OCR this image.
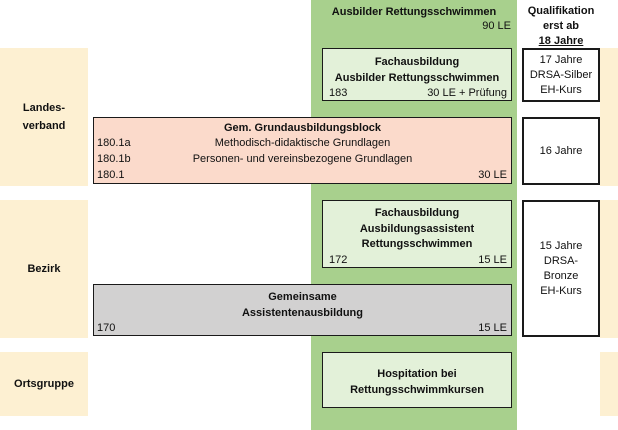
Landes-
verband
Bezirk
Ortsgruppe
Ausbilder Rettungsschwimmen
90 LE
Qualifikation
erst ab
18 Jahre
Fachausbildung
Ausbilder Rettungsschwimmen
183	30 LE + Prüfung
Gem. Grundausbildungsblock
180.1a	Methodisch-didaktische Grundlagen
180.1b	Personen- und vereinsbezogene Grundlagen
180.1	30 LE
Fachausbildung
Ausbildungsassistent
Rettungsschwimmen
172	15 LE
Gemeinsame
Assistentenausbildung
170	15 LE
Hospitation bei
Rettungsschwimmkursen
17 Jahre
DRSA-Silber
EH-Kurs
16 Jahre
15 Jahre
DRSA-
Bronze
EH-Kurs
